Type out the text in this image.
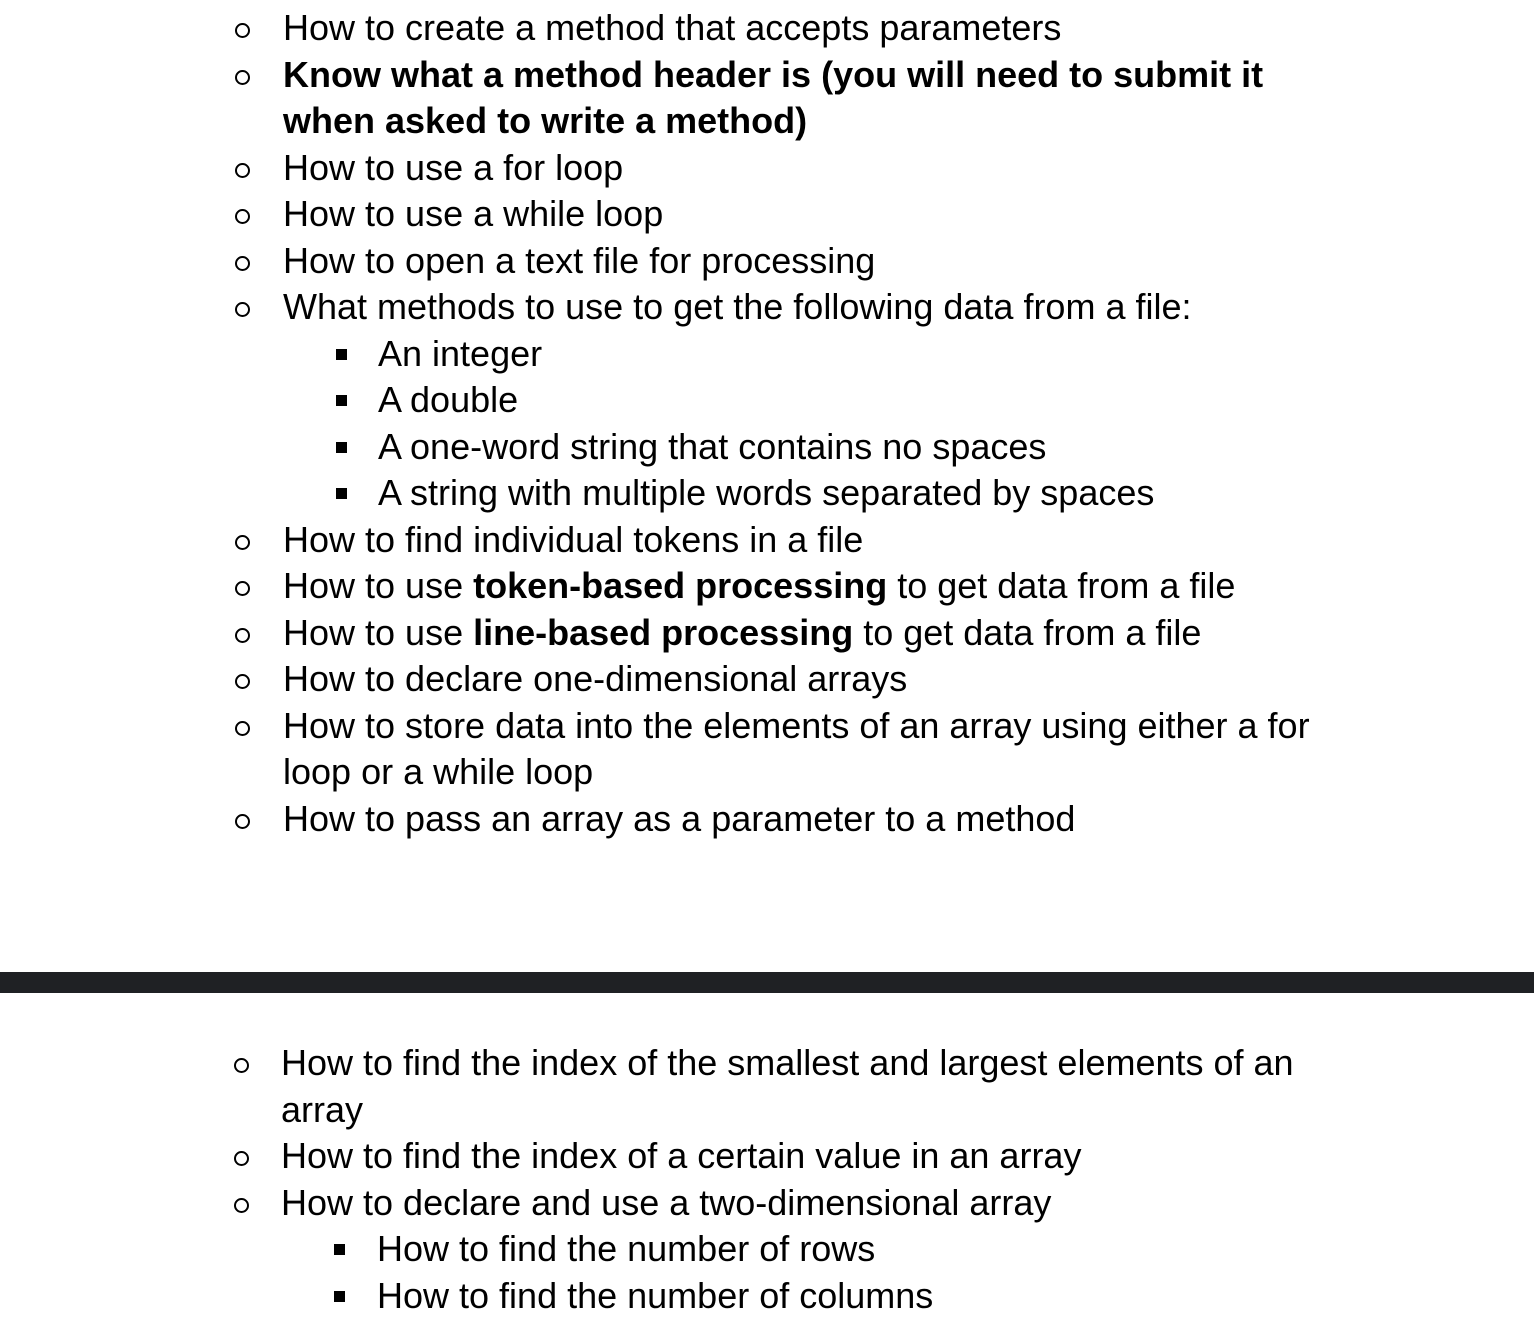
How to create a method that accepts parameters
Know what a method header is (you will need to submit it when asked to write a method)
How to use a for loop
How to use a while loop
How to open a text file for processing
What methods to use to get the following data from a file:
An integer
A double
A one-word string that contains no spaces
A string with multiple words separated by spaces
How to find individual tokens in a file
How to use token-based processing to get data from a file
How to use line-based processing to get data from a file
How to declare one-dimensional arrays
How to store data into the elements of an array using either a for loop or a while loop
How to pass an array as a parameter to a method
How to find the index of the smallest and largest elements of an array
How to find the index of a certain value in an array
How to declare and use a two-dimensional array
How to find the number of rows
How to find the number of columns
